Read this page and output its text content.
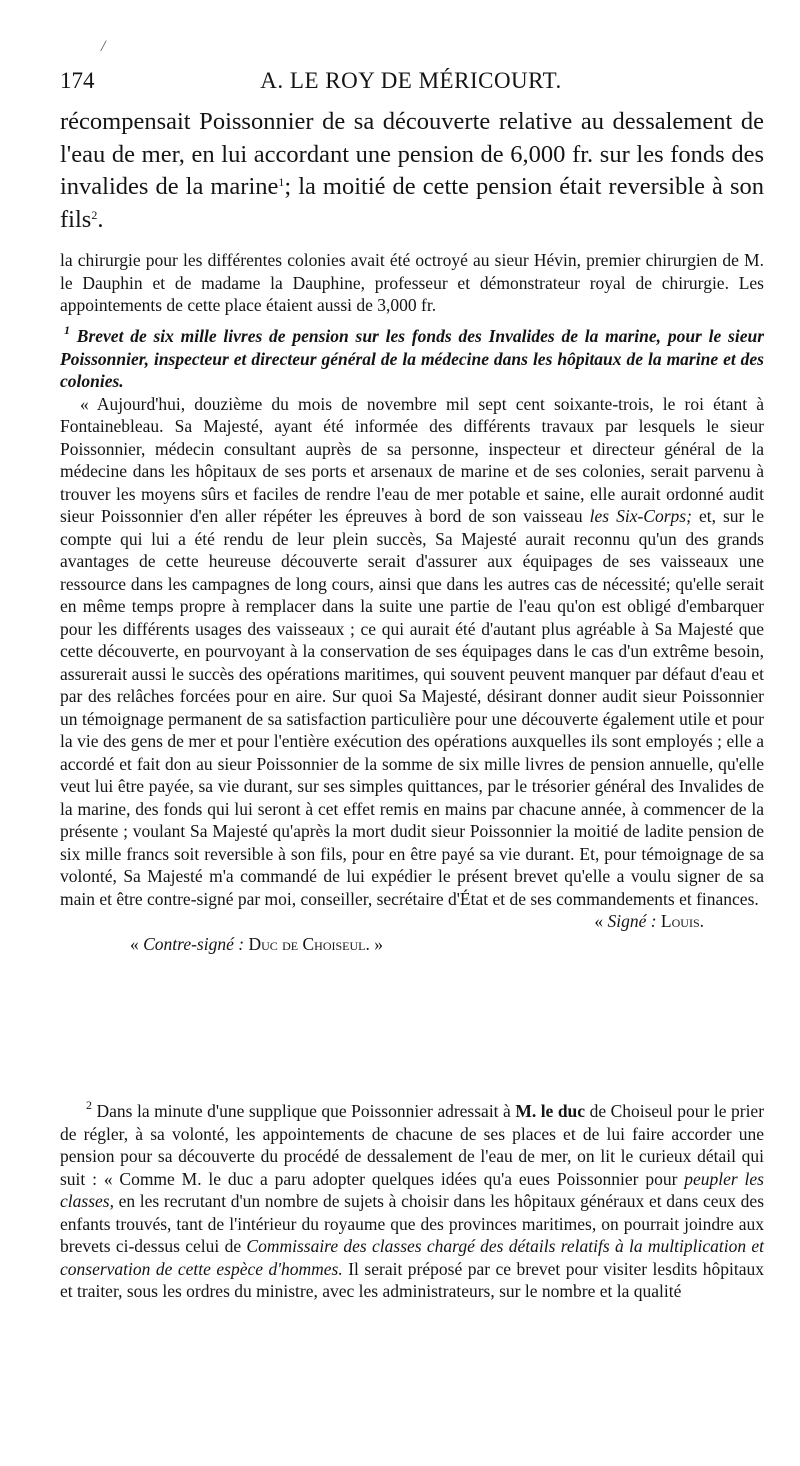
/
174	A. LE ROY DE MÉRICOURT.

récompensait Poissonnier de sa découverte relative au dessalement de l'eau de mer, en lui accordant une pension de 6,000 fr. sur les fonds des invalides de la marine$^1$; la moitié de cette pension était reversible à son fils$^2$.

la chirurgie pour les différentes colonies avait été octroyé au sieur Hévin, premier chirurgien de M. le Dauphin et de madame la Dauphine, professeur et démonstrateur royal de chirurgie. Les appointements de cette place étaient aussi de 3,000 fr.

$^1$ Brevet de six mille livres de pension sur les fonds des Invalides de la marine, pour le sieur Poissonnier, inspecteur et directeur général de la médecine dans les hôpitaux de la marine et des colonies.
« Aujourd'hui, douzième du mois de novembre mil sept cent soixante-trois, le roi étant à Fontainebleau. Sa Majesté, ayant été informée des différents travaux par lesquels le sieur Poissonnier, médecin consultant auprès de sa personne, inspecteur et directeur général de la médecine dans les hôpitaux de ses ports et arsenaux de marine et de ses colonies, serait parvenu à trouver les moyens sûrs et faciles de rendre l'eau de mer potable et saine, elle aurait ordonné audit sieur Poissonnier d'en aller répéter les épreuves à bord de son vaisseau les Six-Corps; et, sur le compte qui lui a été rendu de leur plein succès, Sa Majesté aurait reconnu qu'un des grands avantages de cette heureuse découverte serait d'assurer aux équipages de ses vaisseaux une ressource dans les campagnes de long cours, ainsi que dans les autres cas de nécessité; qu'elle serait en même temps propre à remplacer dans la suite une partie de l'eau qu'on est obligé d'embarquer pour les différents usages des vaisseaux ; ce qui aurait été d'autant plus agréable à Sa Majesté que cette découverte, en pourvoyant à la conservation de ses équipages dans le cas d'un extrême besoin, assurerait aussi le succès des opérations maritimes, qui souvent peuvent manquer par défaut d'eau et par des relâches forcées pour en aire. Sur quoi Sa Majesté, désirant donner audit sieur Poissonnier un témoignage permanent de sa satisfaction particulière pour une découverte également utile et pour la vie des gens de mer et pour l'entière exécution des opérations auxquelles ils sont employés ; elle a accordé et fait don au sieur Poissonnier de la somme de six mille livres de pension annuelle, qu'elle veut lui être payée, sa vie durant, sur ses simples quittances, par le trésorier général des Invalides de la marine, des fonds qui lui seront à cet effet remis en mains par chacune année, à commencer de la présente ; voulant Sa Majesté qu'après la mort dudit sieur Poissonnier la moitié de ladite pension de six mille francs soit reversible à son fils, pour en être payé sa vie durant. Et, pour témoignage de sa volonté, Sa Majesté m'a commandé de lui expédier le présent brevet qu'elle a voulu signer de sa main et être contre-signé par moi, conseiller, secrétaire d'État et de ses commandements et finances.
« Signé : Louis.
« Contre-signé : Duc de Choiseul. »
$^2$ Dans la minute d'une supplique que Poissonnier adressait à M. le duc de Choiseul pour le prier de régler, à sa volonté, les appointements de chacune de ses places et de lui faire accorder une pension pour sa découverte du procédé de dessalement de l'eau de mer, on lit le curieux détail qui suit : « Comme M. le duc a paru adopter quelques idées qu'a eues Poissonnier pour peupler les classes, en les recrutant d'un nombre de sujets à choisir dans les hôpitaux généraux et dans ceux des enfants trouvés, tant de l'intérieur du royaume que des provinces maritimes, on pourrait joindre aux brevets ci-dessus celui de Commissaire des classes chargé des détails relatifs à la multiplication et conservation de cette espèce d'hommes. Il serait préposé par ce brevet pour visiter lesdits hôpitaux et traiter, sous les ordres du ministre, avec les administrateurs, sur le nombre et la qualité
